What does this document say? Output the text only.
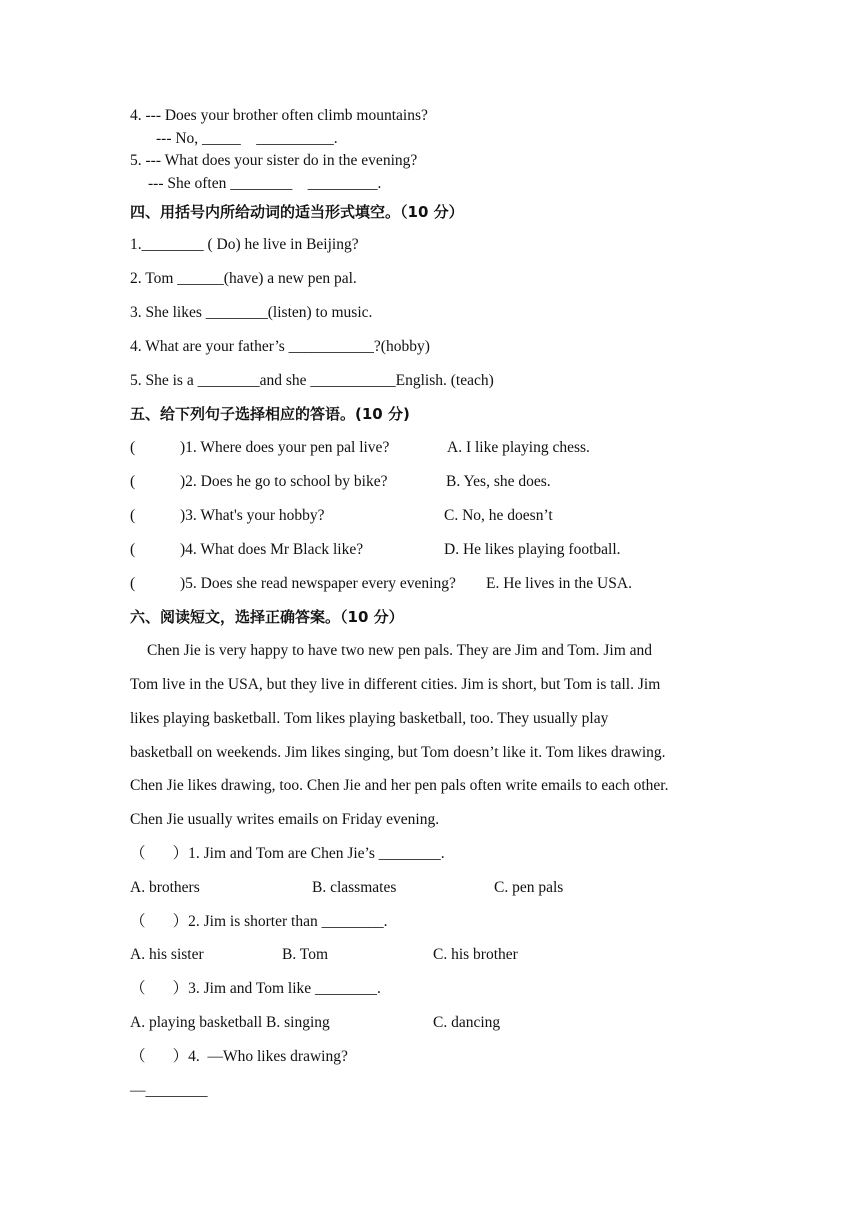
4. --- Does your brother often climb mountains?
--- No, _____    __________.
5. --- What does your sister do in the evening?
--- She often ________    _________.
四、用括号内所给动词的适当形式填空。（10 分）
1.________ ( Do) he live in Beijing?
2. Tom ______(have) a new pen pal.
3. She likes ________(listen) to music.
4. What are your father’s ___________?(hobby)
5. She is a ________and she ___________English. (teach)
五、给下列句子选择相应的答语。(10 分)
(	)1. Where does your pen pal live?	A. I like playing chess.
(	)2. Does he go to school by bike?	B. Yes, she does.
(	)3. What's your hobby?	C. No, he doesn’t
(	)4. What does Mr Black like?	D. He likes playing football.
(	)5. Does she read newspaper every evening? E. He lives in the USA.
六、阅读短文，选择正确答案。（10 分）
Chen Jie is very happy to have two new pen pals. They are Jim and Tom. Jim and
Tom live in the USA, but they live in different cities. Jim is short, but Tom is tall. Jim
likes playing basketball. Tom likes playing basketball, too. They usually play
basketball on weekends. Jim likes singing, but Tom doesn’t like it. Tom likes drawing.
Chen Jie likes drawing, too. Chen Jie and her pen pals often write emails to each other.
Chen Jie usually writes emails on Friday evening.
（       ）1. Jim and Tom are Chen Jie’s ________.
A. brothers	B. classmates	C. pen pals
（       ）2. Jim is shorter than ________.
A. his sister	B. Tom	C. his brother
（       ）3. Jim and Tom like ________.
A. playing basketball B. singing	C. dancing
（       ）4.  —Who likes drawing?
—________
